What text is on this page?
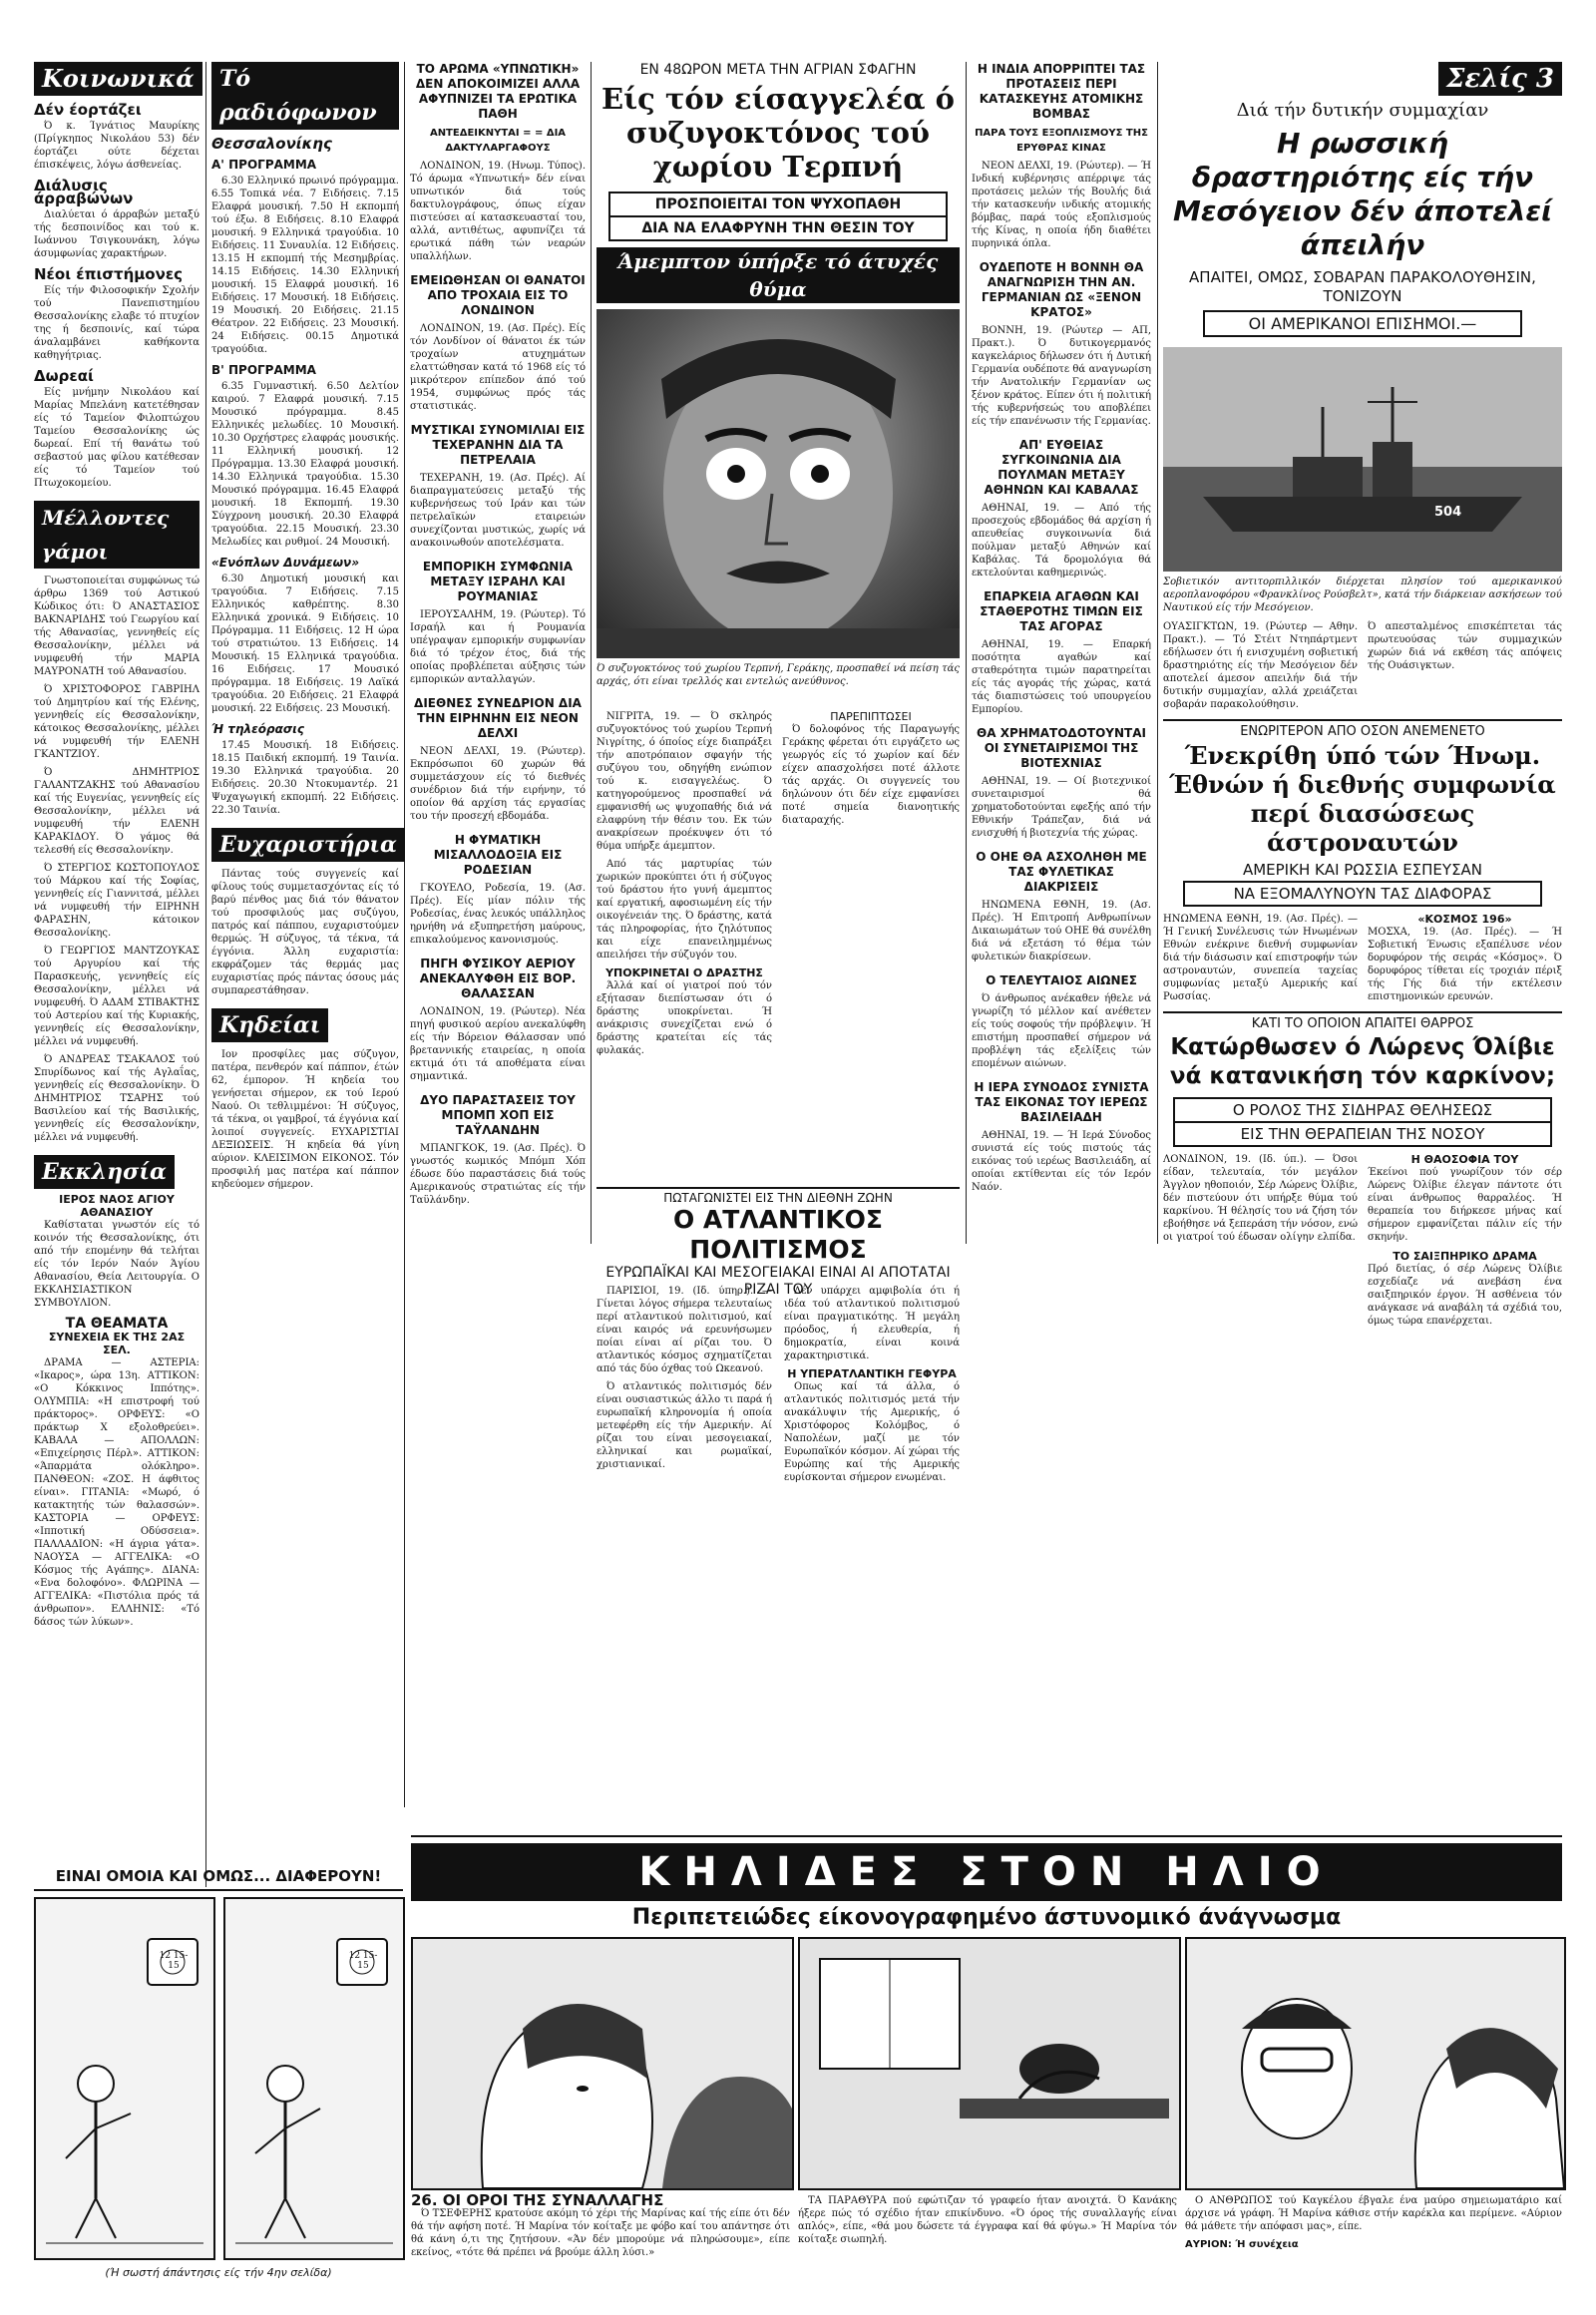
Κοινωνικά
Δέν έορτάζει

Ό κ. Ίγνάτιος Μαυρίκης (Πρίγκηπος Νικολάου 53) δέν έορτάζει ούτε δέχεται έπισκέψεις, λόγω άσθενείας.

Διάλυσις άρραβώνων

Διαλύεται ό άρραβών μεταξύ τής δεσποινίδος και τού κ. Ιωάννου Τσιγκουνάκη, λόγω άσυμφωνίας χαρακτήρων.

Νέοι έπιστήμονες

Είς τήν Φιλοσοφικήν Σχολήν τού Πανεπιστημίου Θεσσαλονίκης ελαβε τό πτυχίον της ή δεσποινίς, καί τώρα άναλαμβάνει καθήκοντα καθηγήτριας.

Δωρεαί

Είς μνήμην Νικολάου καί Μαρίας Μπελάνη κατετέθησαν είς τό Ταμείον Φιλοπτώχου Ταμείου Θεσσαλονίκης ώς δωρεαί. Επί τή θανάτω τού σεβαστού μας φίλου κατέθεσαν είς τό Ταμείον τού Πτωχοκομείου.

Μέλλοντες γάμοι

Γνωστοποιείται συμφώνως τώ άρθρω 1369 τού Αστικού Κώδικος ότι: Ό ΑΝΑΣΤΑΣΙΟΣ ΒΑΚΝΑΡΙΔΗΣ τού Γεωργίου καί τής Αθανασίας, γεννηθείς είς Θεσσαλονίκην, μέλλει νά νυμφευθή τήν ΜΑΡΙΑ ΜΑΥΡΟΝΑΤΗ τού Αθανασίου.

Ό ΧΡΙΣΤΟΦΟΡΟΣ ΓΑΒΡΙΗΛ τού Δημητρίου καί τής Ελένης, γεννηθείς είς Θεσσαλονίκην, κάτοικος Θεσσαλονίκης, μέλλει νά νυμφευθή τήν ΕΛΕΝΗ ΓΚΑΝΤΖΙΟΥ.

Ό ΔΗΜΗΤΡΙΟΣ ΓΑΛΑΝΤΖΑΚΗΣ τού Αθανασίου καί τής Ευγενίας, γεννηθείς είς Θεσσαλονίκην, μέλλει νά νυμφευθή τήν ΕΛΕΝΗ ΚΑΡΑΚΙΔΟΥ. Ό γάμος θά τελεσθή είς Θεσσαλονίκην.

Ό ΣΤΕΡΓΙΟΣ ΚΩΣΤΟΠΟΥΛΟΣ τού Μάρκου καί τής Σοφίας, γεννηθείς είς Γιαννιτσά, μέλλει νά νυμφευθή τήν ΕΙΡΗΝΗ ΦΑΡΑΣΗΝ, κάτοικον Θεσσαλονίκης.

Ό ΓΕΩΡΓΙΟΣ ΜΑΝΤΖΟΥΚΑΣ τού Αργυρίου καί τής Παρασκευής, γεννηθείς είς Θεσσαλονίκην, μέλλει νά νυμφευθή. Ό ΑΔΑΜ ΣΤΙΒΑΚΤΗΣ τού Αστερίου καί τής Κυριακής, γεννηθείς είς Θεσσαλονίκην, μέλλει νά νυμφευθή.

Ό ΑΝΔΡΕΑΣ ΤΣΑΚΑΛΟΣ τού Σπυρίδωνος καί τής Αγλαΐας, γεννηθείς είς Θεσσαλονίκην. Ό ΔΗΜΗΤΡΙΟΣ ΤΣΑΡΗΣ τού Βασιλείου καί τής Βασιλικής, γεννηθείς είς Θεσσαλονίκην, μέλλει νά νυμφευθή.

Εκκλησία
ΙΕΡΟΣ ΝΑΟΣ ΑΓΙΟΥ ΑΘΑΝΑΣΙΟΥ

Καθίσταται γνωστόν είς τό κοινόν τής Θεσσαλονίκης, ότι από τήν επομένην θά τελήται είς τόν Ιερόν Ναόν Άγίου Αθανασίου, Θεία Λειτουργία. Ο ΕΚΚΛΗΣΙΑΣΤΙΚΟΝ ΣΥΜΒΟΥΛΙΟΝ.

ΤΑ ΘΕΑΜΑΤΑ
ΣΥΝΕΧΕΙΑ ΕΚ ΤΗΣ 2ΑΣ ΣΕΛ.

ΔΡΑΜΑ — ΑΣΤΕΡΙΑ: «Ικαρος», ώρα 13η. ΑΤΤΙΚΟΝ: «Ο Κόκκινος Ιππότης». ΟΛΥΜΠΙΑ: «Η επιστροφή τού πράκτορος». ΟΡΦΕΥΣ: «Ο πράκτωρ Χ εξολοθρεύει». ΚΑΒΑΛΑ — ΑΠΟΛΛΩΝ: «Επιχείρησις Πέρλ». ΑΤΤΙΚΟΝ: «Άπαρμάτα ολόκληρο». ΠΑΝΘΕΟΝ: «ΖΟΣ. Η άφθιτος είναι». ΓΙΤΑΝΙΑ: «Μωρό, ό κατακτητής τών θαλασσών». ΚΑΣΤΟΡΙΑ — ΟΡΦΕΥΣ: «Ιπποτική Οδύσσεια». ΠΑΛΛΑΔΙΟΝ: «Η άγρια γάτα». ΝΑΟΥΣΑ — ΑΓΓΕΛΙΚΑ: «Ο Κόσμος τής Αγάπης». ΔΙΑΝΑ: «Ενα δολοφόνο». ΦΛΩΡΙΝΑ — ΑΓΓΕΛΙΚΑ: «Πιστόλια πρός τά άνθρωπον». ΕΛΛΗΝΙΣ: «Τό δάσος τών λύκων».

ΕΙΝΑΙ ΟΜΟΙΑ ΚΑΙ ΟΜΩΣ... ΔΙΑΦΕΡΟΥΝ!
12 15-15
12 15-15
(Ή σωστή άπάντησις είς τήν 4ην σελίδα)
Τό ραδιόφωνον
Θεσσαλονίκης
Α' ΠΡΟΓΡΑΜΜΑ

6.30 Ελληνικό πρωινό πρόγραμμα. 6.55 Τοπικά νέα. 7 Ειδήσεις. 7.15 Ελαφρά μουσική. 7.50 Η εκπομπή τού έξω. 8 Ειδήσεις. 8.10 Ελαφρά μουσική. 9 Ελληνικά τραγούδια. 10 Ειδήσεις. 11 Συναυλία. 12 Ειδήσεις. 13.15 Η εκπομπή τής Μεσημβρίας. 14.15 Ειδήσεις. 14.30 Ελληνική μουσική. 15 Ελαφρά μουσική. 16 Ειδήσεις. 17 Μουσική. 18 Ειδήσεις. 19 Μουσική. 20 Ειδήσεις. 21.15 Θέατρον. 22 Ειδήσεις. 23 Μουσική. 24 Ειδήσεις. 00.15 Δημοτικά τραγούδια.

Β' ΠΡΟΓΡΑΜΜΑ

6.35 Γυμναστική. 6.50 Δελτίον καιρού. 7 Ελαφρά μουσική. 7.15 Μουσικό πρόγραμμα. 8.45 Ελληνικές μελωδίες. 10 Μουσική. 10.30 Ορχήστρες ελαφράς μουσικής. 11 Ελληνική μουσική. 12 Πρόγραμμα. 13.30 Ελαφρά μουσική. 14.30 Ελληνικά τραγούδια. 15.30 Μουσικό πρόγραμμα. 16.45 Ελαφρά μουσική. 18 Εκπομπή. 19.30 Σύγχρονη μουσική. 20.30 Ελαφρά τραγούδια. 22.15 Μουσική. 23.30 Μελωδίες και ρυθμοί. 24 Μουσική.

«Ενόπλων Δυνάμεων»

6.30 Δημοτική μουσική και τραγούδια. 7 Ειδήσεις. 7.15 Ελληνικός καθρέπτης. 8.30 Ελληνικά χρονικά. 9 Ειδήσεις. 10 Πρόγραμμα. 11 Ειδήσεις. 12 Η ώρα τού στρατιώτου. 13 Ειδήσεις. 14 Μουσική. 15 Ελληνικά τραγούδια. 16 Ειδήσεις. 17 Μουσικό πρόγραμμα. 18 Ειδήσεις. 19 Λαϊκά τραγούδια. 20 Ειδήσεις. 21 Ελαφρά μουσική. 22 Ειδήσεις. 23 Μουσική.

Ή τηλεόρασις

17.45 Μουσική. 18 Ειδήσεις. 18.15 Παιδική εκπομπή. 19 Ταινία. 19.30 Ελληνικά τραγούδια. 20 Ειδήσεις. 20.30 Ντοκυμαντέρ. 21 Ψυχαγωγική εκπομπή. 22 Ειδήσεις. 22.30 Ταινία.

Ευχαριστήρια

Πάντας τούς συγγενείς καί φίλους τούς συμμετασχόντας είς τό βαρύ πένθος μας διά τόν θάνατον τού προσφιλούς μας συζύγου, πατρός καί πάππου, ευχαριστούμεν θερμώς. Ή σύζυγος, τά τέκνα, τά έγγόνια. Άλλη ευχαριστία: εκφράζομεν τάς θερμάς μας ευχαριστίας πρός πάντας όσους μάς συμπαρεστάθησαν.

Κηδείαι

Ιον προσφίλες μας σύζυγον, πατέρα, πενθερόν καί πάππον, έτών 62, έμπορον. Ή κηδεία του γενήσεται σήμερον, εκ τού Ιερού Ναού. Οι τεθλιμμένοι: Ή σύζυγος, τά τέκνα, οι γαμβροί, τά έγγόνια καί λοιποί συγγενείς. ΕΥΧΑΡΙΣΤΙΑΙ ΔΕΞΙΩΣΕΙΣ. Ή κηδεία θά γίνη αύριον. ΚΛΕΙΣΙΜΟΝ ΕΙΚΟΝΟΣ. Τόν προσφιλή μας πατέρα καί πάππον κηδεύομεν σήμερον.

ΤΟ ΑΡΩΜΑ «ΥΠΝΩΤΙΚΗ» ΔΕΝ ΑΠΟΚΟΙΜΙΖΕΙ ΑΛΛΑ ΑΦΥΠΝΙΖΕΙ ΤΑ ΕΡΩΤΙΚΑ ΠΑΘΗ
ΑΝΤΕΔΕΙΚΝΥΤΑΙ = = ΔΙΑ ΔΑΚΤΥΛΑΡΓΑΦΟΥΣ

ΛΟΝΔΙΝΟΝ, 19. (Ηνωμ. Τύπος). Τό άρωμα «Υπνωτική» δέν είναι υπνωτικόν διά τούς δακτυλογράφους, όπως είχαν πιστεύσει αί κατασκευασταί του, αλλά, αντιθέτως, αφυπνίζει τά ερωτικά πάθη τών νεαρών υπαλλήλων.

ΕΜΕΙΩΘΗΣΑΝ ΟΙ ΘΑΝΑΤΟΙ ΑΠΟ ΤΡΟΧΑΙΑ ΕΙΣ ΤΟ ΛΟΝΔΙΝΟΝ

ΛΟΝΔΙΝΟΝ, 19. (Ασ. Πρές). Είς τόν Λονδίνον οί θάνατοι έκ τών τροχαίων ατυχημάτων ελαττώθησαν κατά τό 1968 είς τό μικρότερον επίπεδον άπό τού 1954, συμφώνως πρός τάς στατιστικάς.

ΜΥΣΤΙΚΑΙ ΣΥΝΟΜΙΛΙΑΙ ΕΙΣ ΤΕΧΕΡΑΝΗΝ ΔΙΑ ΤΑ ΠΕΤΡΕΛΑΙΑ

ΤΕΧΕΡΑΝΗ, 19. (Ασ. Πρές). Αί διαπραγματεύσεις μεταξύ τής κυβερνήσεως τού Ιράν και τών πετρελαϊκών εταιρειών συνεχίζονται μυστικώς, χωρίς νά ανακοινωθούν αποτελέσματα.

ΕΜΠΟΡΙΚΗ ΣΥΜΦΩΝΙΑ ΜΕΤΑΞΥ ΙΣΡΑΗΛ ΚΑΙ ΡΟΥΜΑΝΙΑΣ

ΙΕΡΟΥΣΑΛΗΜ, 19. (Ρώυτερ). Τό Ισραήλ και ή Ρουμανία υπέγραψαν εμπορικήν συμφωνίαν διά τό τρέχον έτος, διά τής οποίας προβλέπεται αύξησις τών εμπορικών ανταλλαγών.

ΔΙΕΘΝΕΣ ΣΥΝΕΔΡΙΟΝ ΔΙΑ ΤΗΝ ΕΙΡΗΝΗΝ ΕΙΣ ΝΕΟΝ ΔΕΛΧΙ

ΝΕΟΝ ΔΕΛΧΙ, 19. (Ρώυτερ). Εκπρόσωποι 60 χωρών θά συμμετάσχουν είς τό διεθνές συνέδριον διά τήν ειρήνην, τό οποίον θά αρχίση τάς εργασίας του τήν προσεχή εβδομάδα.

Η ΦΥΜΑΤΙΚΗ ΜΙΣΑΛΛΟΔΟΞΙΑ ΕΙΣ ΡΟΔΕΣΙΑΝ

ΓΚΟΥΕΛΟ, Ροδεσία, 19. (Ασ. Πρές). Είς μίαν πόλιν τής Ροδεσίας, ένας λευκός υπάλληλος ηρνήθη νά εξυπηρετήση μαύρους, επικαλούμενος κανονισμούς.

ΠΗΓΗ ΦΥΣΙΚΟΥ ΑΕΡΙΟΥ ΑΝΕΚΑΛΥΦΘΗ ΕΙΣ ΒΟΡ. ΘΑΛΑΣΣΑΝ

ΛΟΝΔΙΝΟΝ, 19. (Ρώυτερ). Νέα πηγή φυσικού αερίου ανεκαλύφθη είς τήν Βόρειον Θάλασσαν υπό βρεταννικής εταιρείας, η οποία εκτιμά ότι τά αποθέματα είναι σημαντικά.

ΔΥΟ ΠΑΡΑΣΤΑΣΕΙΣ ΤΟΥ ΜΠΟΜΠ ΧΟΠ ΕΙΣ ΤΑΫΛΑΝΔΗΝ

ΜΠΑΝΓΚΟΚ, 19. (Ασ. Πρές). Ό γνωστός κωμικός Μπόμπ Χόπ έδωσε δύο παραστάσεις διά τούς Αμερικανούς στρατιώτας είς τήν Ταϋλάνδην.

ΕΝ 48ΩΡΟΝ ΜΕΤΑ ΤΗΝ ΑΓΡΙΑΝ ΣΦΑΓΗΝ
Είς τόν είσαγγελέα ό συζυγοκτόνος τού χωρίου Τερπνή
ΠΡΟΣΠΟΙΕΙΤΑΙ ΤΟΝ ΨΥΧΟΠΑΘΗ
ΔΙΑ ΝΑ ΕΛΑΦΡΥΝΗ ΤΗΝ ΘΕΣΙΝ ΤΟΥ
Άμεμπτον ύπήρξε τό άτυχές θύμα
Ό συζυγοκτόνος τού χωρίου Τερπνή, Γεράκης, προσπαθεί νά πείση τάς αρχάς, ότι είναι τρελλός και εντελώς ανεύθυνος.

ΝΙΓΡΙΤΑ, 19. — Ό σκληρός συζυγοκτόνος τού χωρίου Τερπνή Νιγρίτης, ό όποίος είχε διαπράξει τήν αποτρόπαιον σφαγήν τής συζύγου του, οδηγήθη ενώπιον τού κ. εισαγγελέως. Ό κατηγορούμενος προσπαθεί νά εμφανισθή ως ψυχοπαθής διά νά ελαφρύνη τήν θέσιν του. Εκ τών ανακρίσεων προέκυψεν ότι τό θύμα υπήρξε άμεμπτον.

Από τάς μαρτυρίας τών χωρικών προκύπτει ότι ή σύζυγος τού δράστου ήτο γυνή άμεμπτος καί εργατική, αφοσιωμένη είς τήν οικογένειάν της. Ό δράστης, κατά τάς πληροφορίας, ήτο ζηλότυπος και είχε επανειλημμένως απειλήσει τήν σύζυγόν του.

ΥΠΟΚΡΙΝΕΤΑΙ Ο ΔΡΑΣΤΗΣ

Άλλά καί οί γιατροί πού τόν εξήτασαν διεπίστωσαν ότι ό δράστης υποκρίνεται. Ή ανάκρισις συνεχίζεται ενώ ό δράστης κρατείται είς τάς φυλακάς.

ΠΑΡΕΠΙΠΤΩΣΕΙ

Ό δολοφόνος τής Παραγωγής Γεράκης φέρεται ότι ειργάζετο ως γεωργός είς τό χωρίον καί δέν είχεν απασχολήσει ποτέ άλλοτε τάς αρχάς. Οι συγγενείς του δηλώνουν ότι δέν είχε εμφανίσει ποτέ σημεία διανοητικής διαταραχής.

ΠΩΤΑΓΩΝΙΣΤΕΙ ΕΙΣ ΤΗΝ ΔΙΕΘΝΗ ΖΩΗΝ
Ο ΑΤΛΑΝΤΙΚΟΣ ΠΟΛΙΤΙΣΜΟΣ
ΕΥΡΩΠΑΪΚΑΙ ΚΑΙ ΜΕΣΟΓΕΙΑΚΑΙ ΕΙΝΑΙ ΑΙ ΑΠΟΤΑΤΑΙ ΡΙΖΑΙ ΤΟΥ

ΠΑΡΙΣΙΟΙ, 19. (Ιδ. ύπηρ.). — Γίνεται λόγος σήμερα τελευταίως περί ατλαντικού πολιτισμού, καί είναι καιρός νά ερευνήσωμεν ποίαι είναι αί ρίζαι του. Ό ατλαντικός κόσμος σχηματίζεται από τάς δύο όχθας τού Ωκεανού.

Ό ατλαντικός πολιτισμός δέν είναι ουσιαστικώς άλλο τι παρά ή ευρωπαϊκή κληρονομία ή οποία μετεφέρθη είς τήν Αμερικήν. Αί ρίζαι του είναι μεσογειακαί, ελληνικαί και ρωμαϊκαί, χριστιανικαί.

Δέν υπάρχει αμφιβολία ότι ή ιδέα τού ατλαντικού πολιτισμού είναι πραγματικότης. Ή μεγάλη πρόοδος, ή ελευθερία, ή δημοκρατία, είναι κοινά χαρακτηριστικά.

Η ΥΠΕΡΑΤΛΑΝΤΙΚΗ ΓΕΦΥΡΑ

Οπως καί τά άλλα, ό ατλαντικός πολιτισμός μετά τήν ανακάλυψιν τής Αμερικής, ό Χριστόφορος Κολόμβος, ό Ναπολέων, μαζί με τόν Ευρωπαϊκόν κόσμον. Αί χώραι τής Ευρώπης καί τής Αμερικής ευρίσκονται σήμερον ενωμέναι.

Η ΙΝΔΙΑ ΑΠΟΡΡΙΠΤΕΙ ΤΑΣ ΠΡΟΤΑΣΕΙΣ ΠΕΡΙ ΚΑΤΑΣΚΕΥΗΣ ΑΤΟΜΙΚΗΣ ΒΟΜΒΑΣ
ΠΑΡΑ ΤΟΥΣ ΕΞΟΠΛΙΣΜΟΥΣ ΤΗΣ ΕΡΥΘΡΑΣ ΚΙΝΑΣ

ΝΕΟΝ ΔΕΛΧΙ, 19. (Ρώυτερ). — Ή Ινδική κυβέρνησις απέρριψε τάς προτάσεις μελών τής Βουλής διά τήν κατασκευήν ινδικής ατομικής βόμβας, παρά τούς εξοπλισμούς τής Κίνας, η οποία ήδη διαθέτει πυρηνικά όπλα.

ΟΥΔΕΠΟΤΕ Η ΒΟΝΝΗ ΘΑ ΑΝΑΓΝΩΡΙΣΗ ΤΗΝ ΑΝ. ΓΕΡΜΑΝΙΑΝ ΩΣ «ΞΕΝΟΝ ΚΡΑΤΟΣ»

ΒΟΝΝΗ, 19. (Ρώυτερ — ΑΠ, Πρακτ.). Ό δυτικογερμανός καγκελάριος δήλωσεν ότι ή Δυτική Γερμανία ουδέποτε θά αναγνωρίση τήν Ανατολικήν Γερμανίαν ως ξένον κράτος. Είπεν ότι ή πολιτική τής κυβερνήσεώς του αποβλέπει είς τήν επανένωσιν τής Γερμανίας.

ΑΠ' ΕΥΘΕΙΑΣ ΣΥΓΚΟΙΝΩΝΙΑ ΔΙΑ ΠΟΥΛΜΑΝ ΜΕΤΑΞΥ ΑΘΗΝΩΝ ΚΑΙ ΚΑΒΑΛΑΣ

ΑΘΗΝΑΙ, 19. — Από τής προσεχούς εβδομάδος θά αρχίση ή απευθείας συγκοινωνία διά πούλμαν μεταξύ Αθηνών καί Καβάλας. Τά δρομολόγια θά εκτελούνται καθημερινώς.

ΕΠΑΡΚΕΙΑ ΑΓΑΘΩΝ ΚΑΙ ΣΤΑΘΕΡΟΤΗΣ ΤΙΜΩΝ ΕΙΣ ΤΑΣ ΑΓΟΡΑΣ

ΑΘΗΝΑΙ, 19. — Επαρκή ποσότητα αγαθών καί σταθερότητα τιμών παρατηρείται είς τάς αγοράς τής χώρας, κατά τάς διαπιστώσεις τού υπουργείου Εμπορίου.

ΘΑ ΧΡΗΜΑΤΟΔΟΤΟΥΝΤΑΙ ΟΙ ΣΥΝΕΤΑΙΡΙΣΜΟΙ ΤΗΣ ΒΙΟΤΕΧΝΙΑΣ

ΑΘΗΝΑΙ, 19. — Οί βιοτεχνικοί συνεταιρισμοί θά χρηματοδοτούνται εφεξής από τήν Εθνικήν Τράπεζαν, διά νά ενισχυθή ή βιοτεχνία τής χώρας.

Ο ΟΗΕ ΘΑ ΑΣΧΟΛΗΘΗ ΜΕ ΤΑΣ ΦΥΛΕΤΙΚΑΣ ΔΙΑΚΡΙΣΕΙΣ

ΗΝΩΜΕΝΑ ΕΘΝΗ, 19. (Ασ. Πρές). Ή Επιτροπή Ανθρωπίνων Δικαιωμάτων τού ΟΗΕ θά συνέλθη διά νά εξετάση τό θέμα τών φυλετικών διακρίσεων.

Ο ΤΕΛΕΥΤΑΙΟΣ ΑΙΩΝΕΣ

Ό άνθρωπος ανέκαθεν ήθελε νά γνωρίζη τό μέλλον καί ανέθετεν είς τούς σοφούς τήν πρόβλεψιν. Ή επιστήμη προσπαθεί σήμερον νά προβλέψη τάς εξελίξεις τών επομένων αιώνων.

Η ΙΕΡΑ ΣΥΝΟΔΟΣ ΣΥΝΙΣΤΑ ΤΑΣ ΕΙΚΟΝΑΣ ΤΟΥ ΙΕΡΕΩΣ ΒΑΣΙΛΕΙΑΔΗ

ΑΘΗΝΑΙ, 19. — Ή Ιερά Σύνοδος συνιστά είς τούς πιστούς τάς εικόνας τού ιερέως Βασιλειάδη, αί οποίαι εκτίθενται είς τόν Ιερόν Ναόν.

Σελίς 3
Διά τήν δυτικήν συμμαχίαν
Η ρωσσική δραστηριότης είς τήν Μεσόγειον δέν άποτελεί άπειλήν
ΑΠΑΙΤΕΙ, ΟΜΩΣ, ΣΟΒΑΡΑΝ ΠΑΡΑΚΟΛΟΥΘΗΣΙΝ, ΤΟΝΙΖΟΥΝ
ΟΙ ΑΜΕΡΙΚΑΝΟΙ ΕΠΙΣΗΜΟΙ.—
504
Σοβιετικόν αντιτορπιλλικόν διέρχεται πλησίον τού αμερικανικού αεροπλανοφόρου «Φρανκλίνος Ρούσβελτ», κατά τήν διάρκειαν ασκήσεων τού Ναυτικού είς τήν Μεσόγειον.
ΟΥΑΣΙΓΚΤΩΝ, 19. (Ρώυτερ — Αθην. Πρακτ.). — Τό Στέιτ Ντηπάρτμεντ εδήλωσεν ότι ή ενισχυμένη σοβιετική δραστηριότης είς τήν Μεσόγειον δέν αποτελεί άμεσον απειλήν διά τήν δυτικήν συμμαχίαν, αλλά χρειάζεται σοβαράν παρακολούθησιν.
Ό απεσταλμένος επισκέπτεται τάς πρωτευούσας τών συμμαχικών χωρών διά νά εκθέση τάς απόψεις τής Ουάσιγκτων.
ΕΝΩΡΙΤΕΡΟΝ ΑΠΟ ΟΣΟΝ ΑΝΕΜΕΝΕΤΟ
Ένεκρίθη ύπό τών Ήνωμ. Έθνών ή διεθνής συμφωνία περί διασώσεως άστροναυτών
ΑΜΕΡΙΚΗ ΚΑΙ ΡΩΣΣΙΑ ΕΣΠΕΥΣΑΝ
ΝΑ ΕΞΟΜΑΛΥΝΟΥΝ ΤΑΣ ΔΙΑΦΟΡΑΣ
ΗΝΩΜΕΝΑ ΕΘΝΗ, 19. (Ασ. Πρές). — Ή Γενική Συνέλευσις τών Ηνωμένων Εθνών ενέκρινε διεθνή συμφωνίαν διά τήν διάσωσιν καί επιστροφήν τών αστροναυτών, συνεπεία ταχείας συμφωνίας μεταξύ Αμερικής καί Ρωσσίας.
«ΚΟΣΜΟΣ 196»
ΜΟΣΧΑ, 19. (Ασ. Πρές). — Ή Σοβιετική Ένωσις εξαπέλυσε νέον δορυφόρον τής σειράς «Κόσμος». Ό δορυφόρος τίθεται είς τροχιάν πέριξ τής Γής διά τήν εκτέλεσιν επιστημονικών ερευνών.
ΚΑΤΙ ΤΟ ΟΠΟΙΟΝ ΑΠΑΙΤΕΙ ΘΑΡΡΟΣ
Κατώρθωσεν ό Λώρενς Όλίβιε νά κατανικήση τόν καρκίνον;
Ο ΡΟΛΟΣ ΤΗΣ ΣΙΔΗΡΑΣ ΘΕΛΗΣΕΩΣ
ΕΙΣ ΤΗΝ ΘΕΡΑΠΕΙΑΝ ΤΗΣ ΝΟΣΟΥ
ΛΟΝΔΙΝΟΝ, 19. (Ιδ. ύπ.). — Όσοι είδαν, τελευταία, τόν μεγάλον Άγγλον ηθοποιόν, Σέρ Λώρενς Όλίβιε, δέν πιστεύουν ότι υπήρξε θύμα τού καρκίνου. Ή θέλησίς του νά ζήση τόν εβοήθησε νά ξεπεράση τήν νόσον, ενώ οι γιατροί τού έδωσαν ολίγην ελπίδα.
Η ΘΑΟΣΟΦΙΑ ΤΟΥ
Έκείνοι πού γνωρίζουν τόν σέρ Λώρενς Όλίβιε έλεγαν πάντοτε ότι είναι άνθρωπος θαρραλέος. Ή θεραπεία του διήρκεσε μήνας καί σήμερον εμφανίζεται πάλιν είς τήν σκηνήν.
ΤΟ ΣΑΙΞΠΗΡΙΚΟ ΔΡΑΜΑ
Πρό διετίας, ό σέρ Λώρενς Όλίβιε εσχεδίαζε νά ανεβάση ένα σαιξπηρικόν έργον. Ή ασθένεια τόν ανάγκασε νά αναβάλη τά σχέδιά του, όμως τώρα επανέρχεται.
ΚΗΛΙΔΕΣ ΣΤΟΝ ΗΛΙΟ
Περιπετειώδες είκονογραφημένο άστυνομικό άνάγνωσμα
26. ΟΙ ΟΡΟΙ ΤΗΣ ΣΥΝΑΛΛΑΓΗΣ

Ό ΤΣΕΦΕΡΗΣ κρατούσε ακόμη τό χέρι τής Μαρίνας καί τής είπε ότι δέν θά τήν αφήση ποτέ. Ή Μαρίνα τόν κοίταξε με φόβο καί του απάντησε ότι θά κάνη ό,τι της ζητήσουν. «Άν δέν μπορούμε νά πληρώσουμε», είπε εκείνος, «τότε θά πρέπει νά βρούμε άλλη λύσι.»

ΤΑ ΠΑΡΑΘΥΡΑ πού εφώτιζαν τό γραφείο ήταν ανοιχτά. Ό Κανάκης ήξερε πώς τό σχέδιο ήταν επικίνδυνο. «Ό όρος τής συναλλαγής είναι απλός», είπε, «θά μου δώσετε τά έγγραφα καί θά φύγω.» Ή Μαρίνα τόν κοίταξε σιωπηλή.

Ο ΑΝΘΡΩΠΟΣ τού Καγκέλου έβγαλε ένα μαύρο σημειωματάριο καί άρχισε νά γράφη. Ή Μαρίνα κάθισε στήν καρέκλα και περίμενε. «Αύριον θά μάθετε τήν απόφασι μας», είπε.

ΑΥΡΙΟΝ: Ή συνέχεια
